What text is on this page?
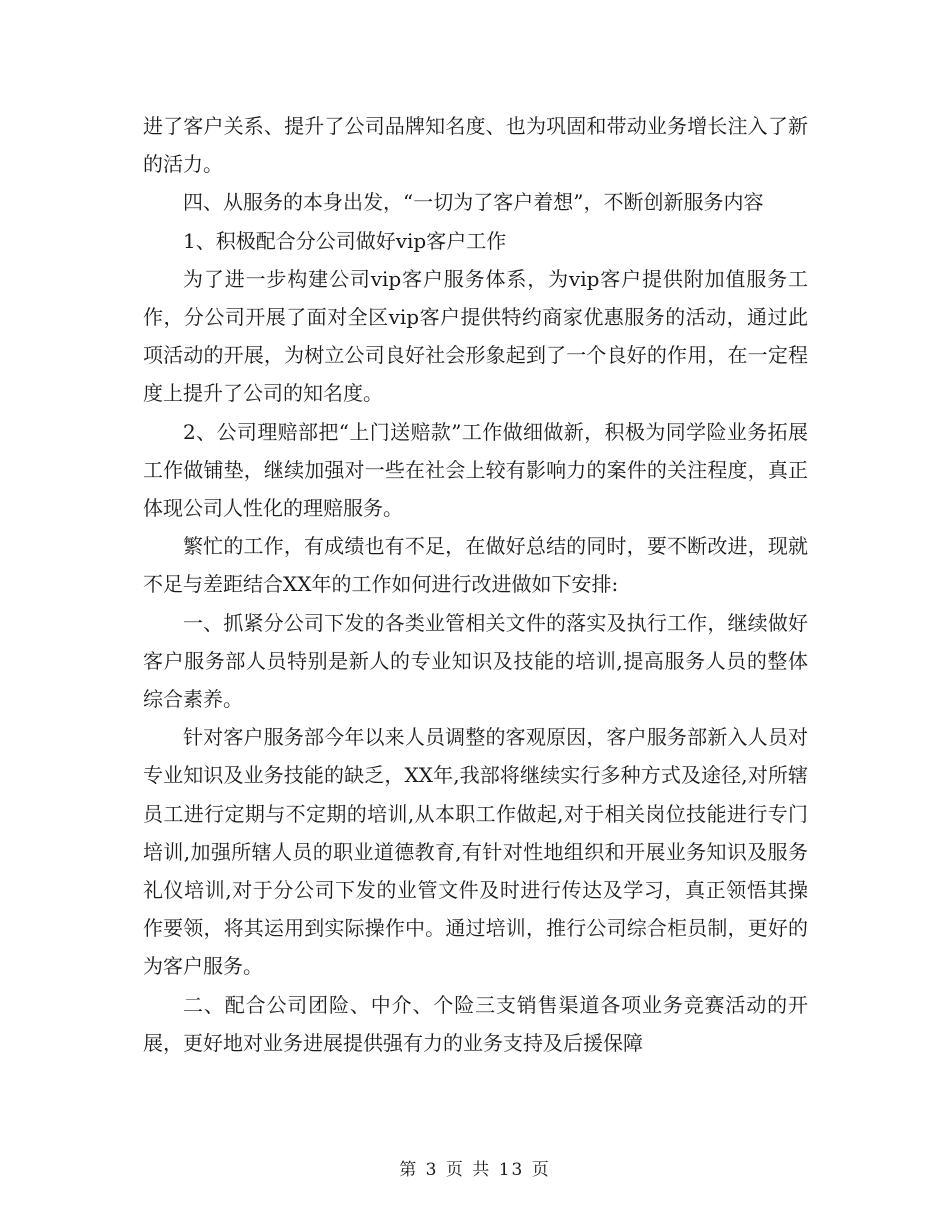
进了客户关系、提升了公司品牌知名度、也为巩固和带动业务增长注入了新的活力。

四、从服务的本身出发，“一切为了客户着想”，不断创新服务内容

1、积极配合分公司做好vip客户工作

为了进一步构建公司vip客户服务体系，为vip客户提供附加值服务工作，分公司开展了面对全区vip客户提供特约商家优惠服务的活动，通过此项活动的开展，为树立公司良好社会形象起到了一个良好的作用，在一定程度上提升了公司的知名度。

2、公司理赔部把“上门送赔款”工作做细做新，积极为同学险业务拓展工作做铺垫，继续加强对一些在社会上较有影响力的案件的关注程度，真正体现公司人性化的理赔服务。

繁忙的工作，有成绩也有不足，在做好总结的同时，要不断改进，现就不足与差距结合XX年的工作如何进行改进做如下安排:

一、抓紧分公司下发的各类业管相关文件的落实及执行工作，继续做好客户服务部人员特别是新人的专业知识及技能的培训,提高服务人员的整体综合素养。

针对客户服务部今年以来人员调整的客观原因，客户服务部新入人员对专业知识及业务技能的缺乏，XX年,我部将继续实行多种方式及途径,对所辖员工进行定期与不定期的培训,从本职工作做起,对于相关岗位技能进行专门培训,加强所辖人员的职业道德教育,有针对性地组织和开展业务知识及服务礼仪培训,对于分公司下发的业管文件及时进行传达及学习，真正领悟其操作要领，将其运用到实际操作中。通过培训，推行公司综合柜员制，更好的为客户服务。

二、配合公司团险、中介、个险三支销售渠道各项业务竞赛活动的开展，更好地对业务进展提供强有力的业务支持及后援保障

第 3 页 共 13 页
